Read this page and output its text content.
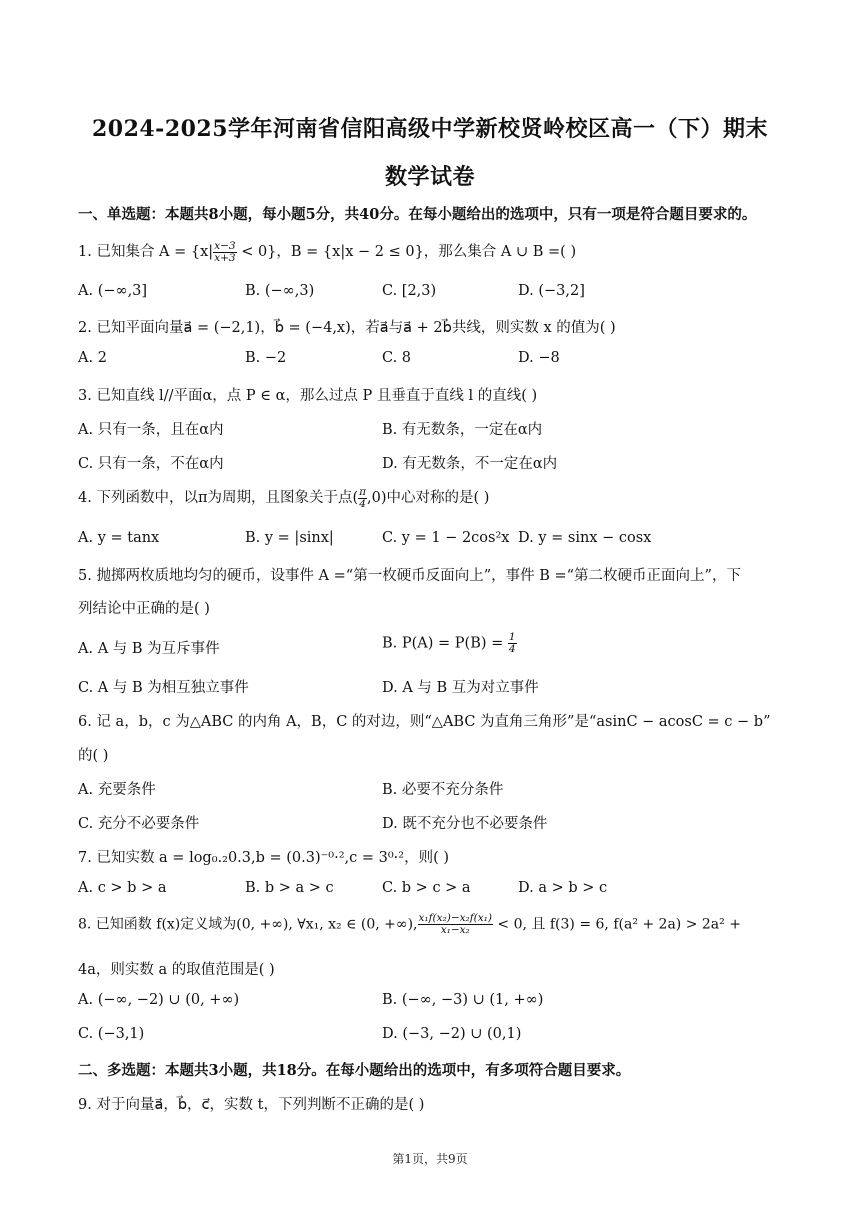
2024-2025学年河南省信阳高级中学新校贤岭校区高一（下）期末
数学试卷
一、单选题：本题共8小题，每小题5分，共40分。在每小题给出的选项中，只有一项是符合题目要求的。
1. 已知集合 $A = \{x| \frac{x-3}{x+3} < 0\}$，B = {x|x − 2 ≤ 0}，那么集合 A ∪ B =( )
A. (−∞,3]	B. (−∞,3)	C. [2,3)	D. (−3,2]
2. 已知平面向量a⃗ = (−2,1)，b⃗ = (−4,x)，若a⃗与a⃗ + 2b⃗共线，则实数 x 的值为( )
A. 2	B. −2	C. 8	D. −8
3. 已知直线 l//平面α，点 P ∈ α，那么过点 P 且垂直于直线 l 的直线( )
A. 只有一条，且在α内	B. 有无数条，一定在α内
C. 只有一条，不在α内	D. 有无数条，不一定在α内
4. 下列函数中，以π为周期，且图象关于点( $\frac{\pi}{4} ,0$)中心对称的是( )
A. y = tanx	B. y = |sinx|	C. y = 1 − 2cos²x D. y = sinx − cosx
5. 抛掷两枚质地均匀的硬币，设事件 A =“第一枚硬币反面向上”，事件 B =“第二枚硬币正面向上”，下
列结论中正确的是( )
A. A 与 B 为互斥事件	B. $P(A) = P(B) = \frac{1}{4}$
C. A 与 B 为相互独立事件	D. A 与 B 互为对立事件
6. 记 a，b，c 为△ABC 的内角 A，B，C 的对边，则“△ABC 为直角三角形”是“asinC − acosC = c − b”
的( )
A. 充要条件	B. 必要不充分条件
C. 充分不必要条件	D. 既不充分也不必要条件
7. 已知实数 a = log₀.₂0.3,b = (0.3)⁻⁰·²,c = 3⁰·²，则( )
A. c > b > a	B. b > a > c	C. b > c > a	D. a > b > c
8. 已知函数 f(x)定义域为(0, +∞), ∀x₁, x₂ ∈ (0, +∞), $\frac{\text{x₁f(x₂)−x₂f(x₁)}}{\text{x₁−x₂}} < 0$, 且 f(3) = 6, f(a² + 2a) > 2a² +
4a，则实数 a 的取值范围是( )
A. (−∞, −2) ∪ (0, +∞)	B. (−∞, −3) ∪ (1, +∞)
C. (−3,1)	D. (−3, −2) ∪ (0,1)
二、多选题：本题共3小题，共18分。在每小题给出的选项中，有多项符合题目要求。
9. 对于向量a⃗，b⃗，c⃗，实数 t，下列判断不正确的是( )
第1页，共9页
